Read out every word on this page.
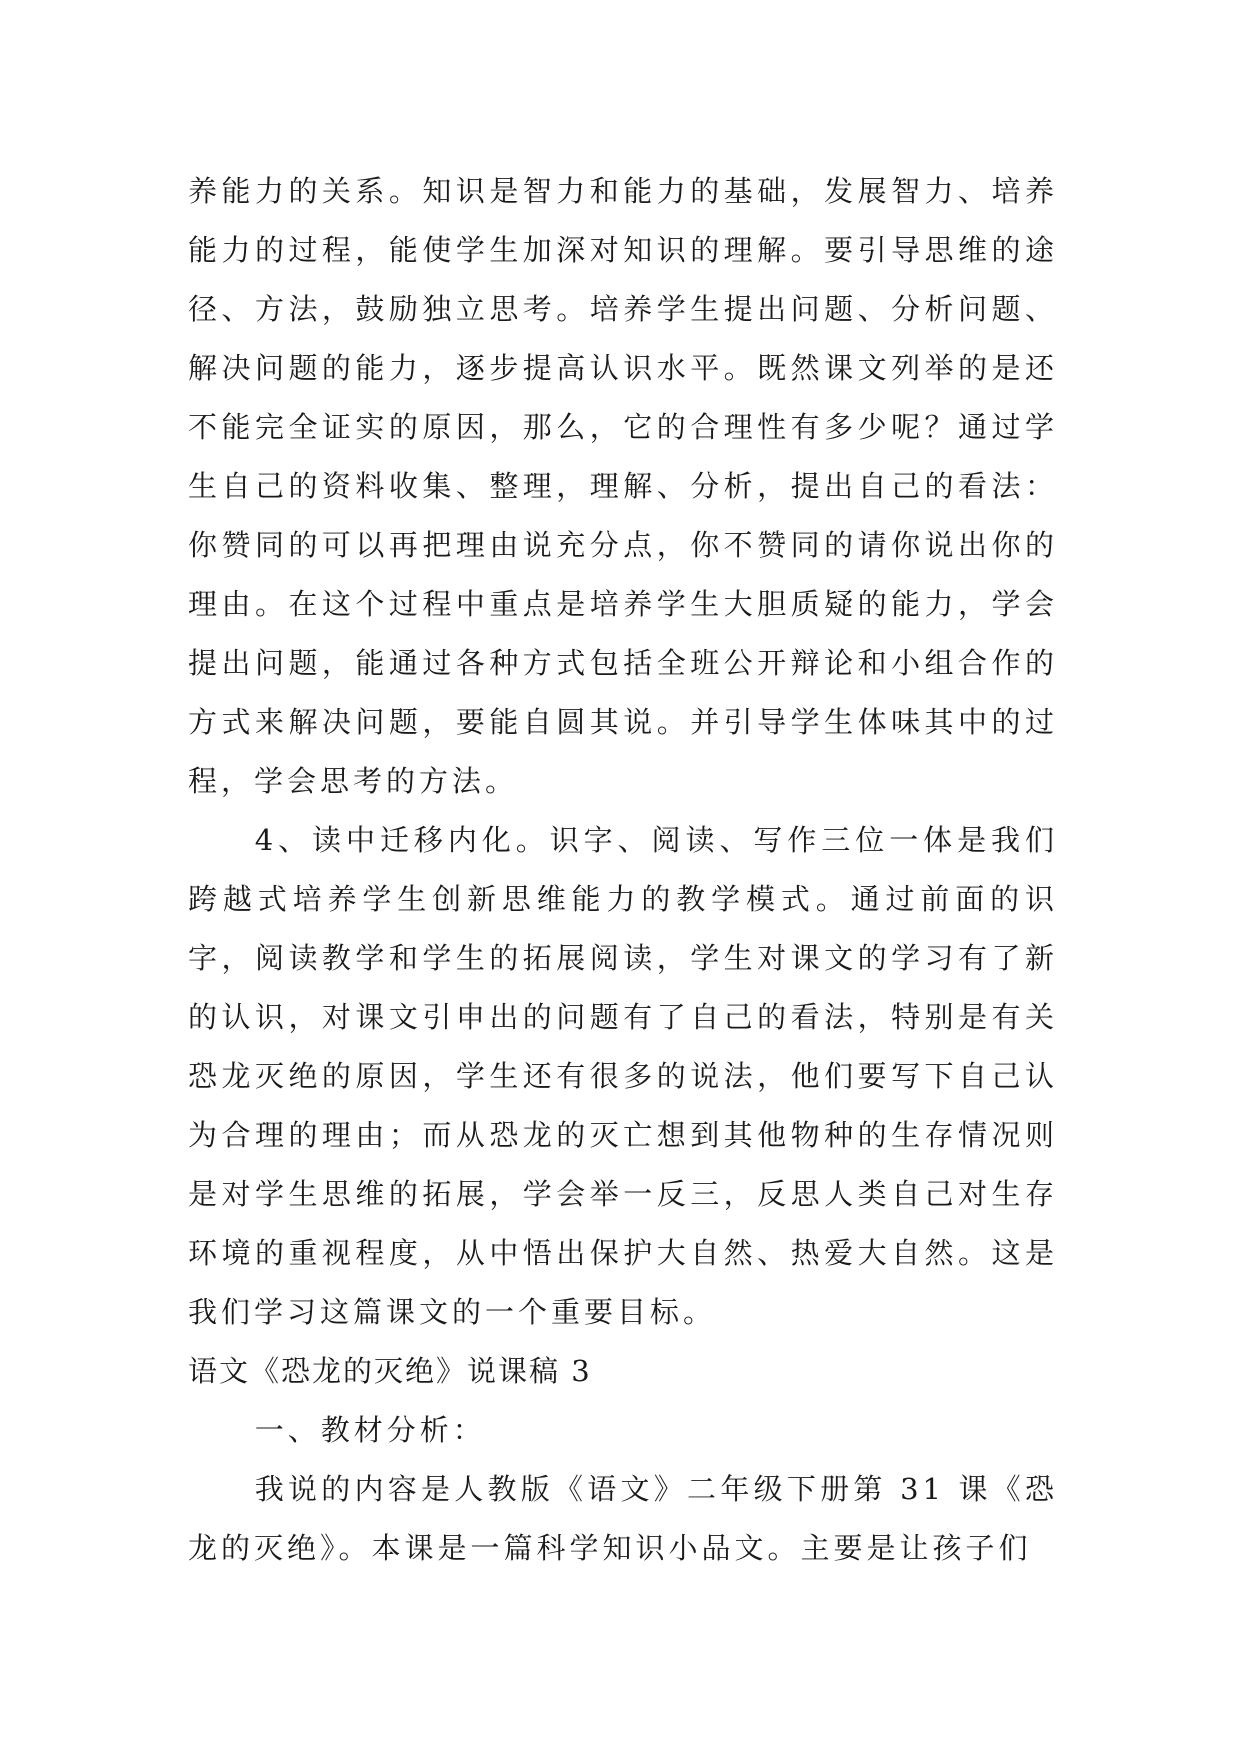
养能力的关系。知识是智力和能力的基础，发展智力、培养能力的过程，能使学生加深对知识的理解。要引导思维的途径、方法，鼓励独立思考。培养学生提出问题、分析问题、解决问题的能力，逐步提高认识水平。既然课文列举的是还不能完全证实的原因，那么，它的合理性有多少呢？通过学生自己的资料收集、整理，理解、分析，提出自己的看法：你赞同的可以再把理由说充分点，你不赞同的请你说出你的理由。在这个过程中重点是培养学生大胆质疑的能力，学会提出问题，能通过各种方式包括全班公开辩论和小组合作的方式来解决问题，要能自圆其说。并引导学生体味其中的过程，学会思考的方法。

4、读中迁移内化。识字、阅读、写作三位一体是我们跨越式培养学生创新思维能力的教学模式。通过前面的识字，阅读教学和学生的拓展阅读，学生对课文的学习有了新的认识，对课文引申出的问题有了自己的看法，特别是有关恐龙灭绝的原因，学生还有很多的说法，他们要写下自己认为合理的理由；而从恐龙的灭亡想到其他物种的生存情况则是对学生思维的拓展，学会举一反三，反思人类自己对生存环境的重视程度，从中悟出保护大自然、热爱大自然。这是我们学习这篇课文的一个重要目标。

语文《恐龙的灭绝》说课稿 3

一、教材分析：

我说的内容是人教版《语文》二年级下册第 31 课《恐龙的灭绝》。本课是一篇科学知识小品文。主要是让孩子们
